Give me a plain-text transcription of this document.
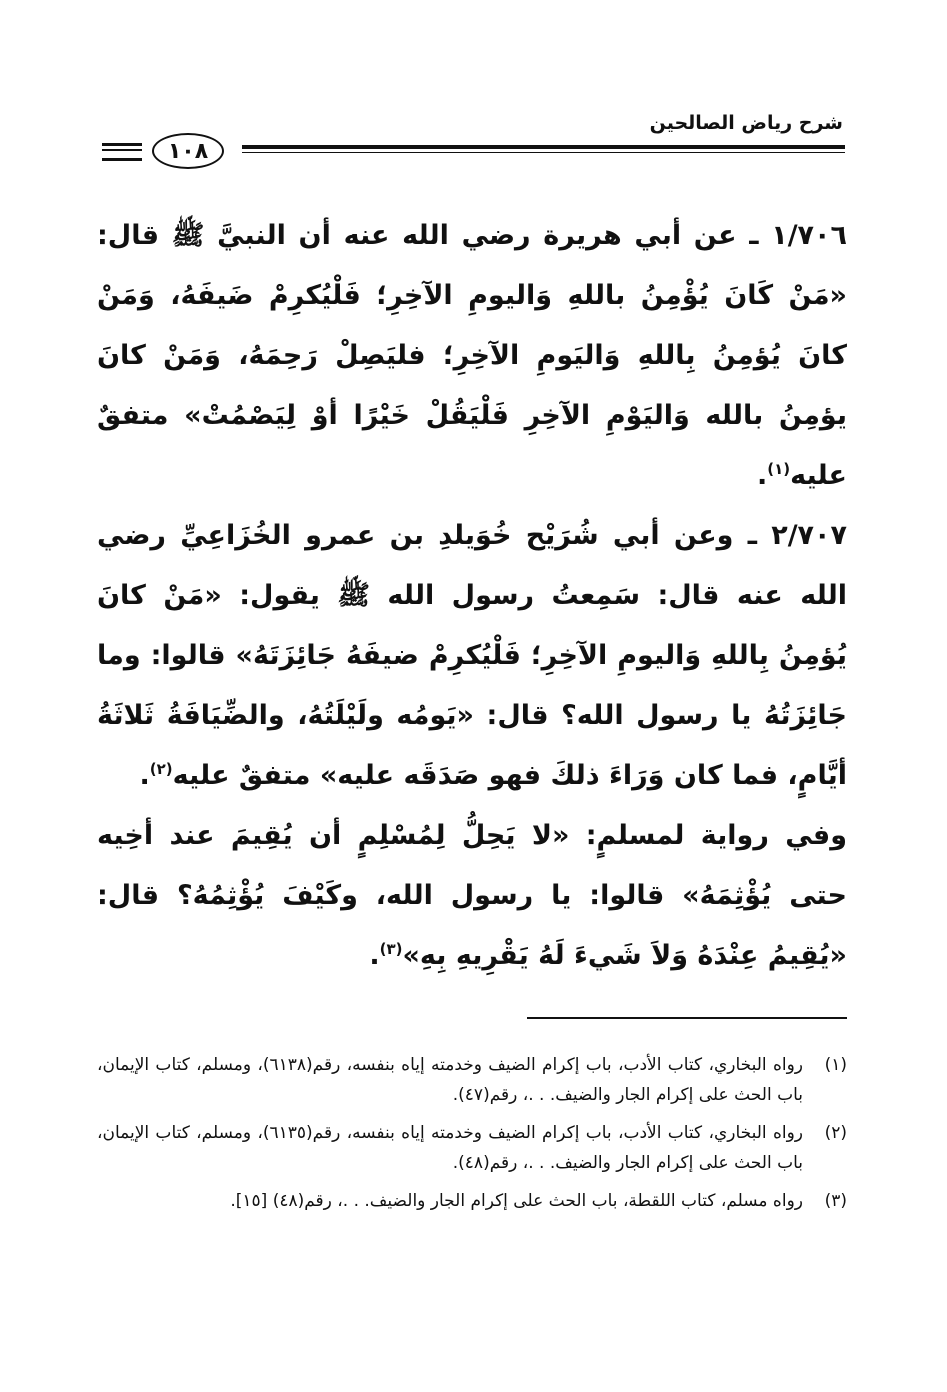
شرح رياض الصالحين
١٠٨

١/٧٠٦ ـ عن أبي هريرة رضي الله عنه أن النبيَّ ﷺ قال: «مَنْ كَانَ يُؤْمِنُ باللهِ وَاليومِ الآخِرِ؛ فَلْيُكرِمْ ضَيفَهُ، وَمَنْ كانَ يُؤمِنُ بِاللهِ وَاليَومِ الآخِرِ؛ فليَصِلْ رَحِمَهُ، وَمَنْ كانَ يؤمِنُ بالله وَاليَوْمِ الآخِرِ فَلْيَقُلْ خَيْرًا أوْ لِيَصْمُتْ» متفقٌ عليه$^{(١)}$.

٢/٧٠٧ ـ وعن أبي شُرَيْح خُوَيلدِ بن عمرو الخُزَاعِيِّ رضي الله عنه قال: سَمِعتُ رسول الله ﷺ يقول: «مَنْ كانَ يُؤمِنُ بِاللهِ وَاليومِ الآخِرِ؛ فَلْيُكرِمْ ضيفَهُ جَائِزَتَهُ» قالوا: وما جَائِزَتُهُ يا رسول الله؟ قال: «يَومُه ولَيْلَتُهُ، والضِّيَافَةُ ثَلاثَةُ أيَّامٍ، فما كان وَرَاءَ ذلكَ فهو صَدَقَه عليه» متفقٌ عليه$^{(٢)}$.

وفي رواية لمسلمٍ: «لا يَحِلُّ لِمُسْلِمٍ أن يُقِيمَ عند أخِيه حتى يُؤْثِمَهُ» قالوا: يا رسول الله، وكَيْفَ يُؤْثِمُهُ؟ قال: «يُقِيمُ عِنْدَهُ وَلاَ شَيءَ لَهُ يَقْرِيهِ بِهِ»$^{(٣)}$.

(١)
رواه البخاري، كتاب الأدب، باب إكرام الضيف وخدمته إياه بنفسه، رقم(٦١٣٨)، ومسلم، كتاب الإيمان، باب الحث على إكرام الجار والضيف. . .، رقم(٤٧).
(٢)
رواه البخاري، كتاب الأدب، باب إكرام الضيف وخدمته إياه بنفسه، رقم(٦١٣٥)، ومسلم، كتاب الإيمان، باب الحث على إكرام الجار والضيف. . .، رقم(٤٨).
(٣)
رواه مسلم، كتاب اللقطة، باب الحث على إكرام الجار والضيف. . .، رقم(٤٨) [١٥].
